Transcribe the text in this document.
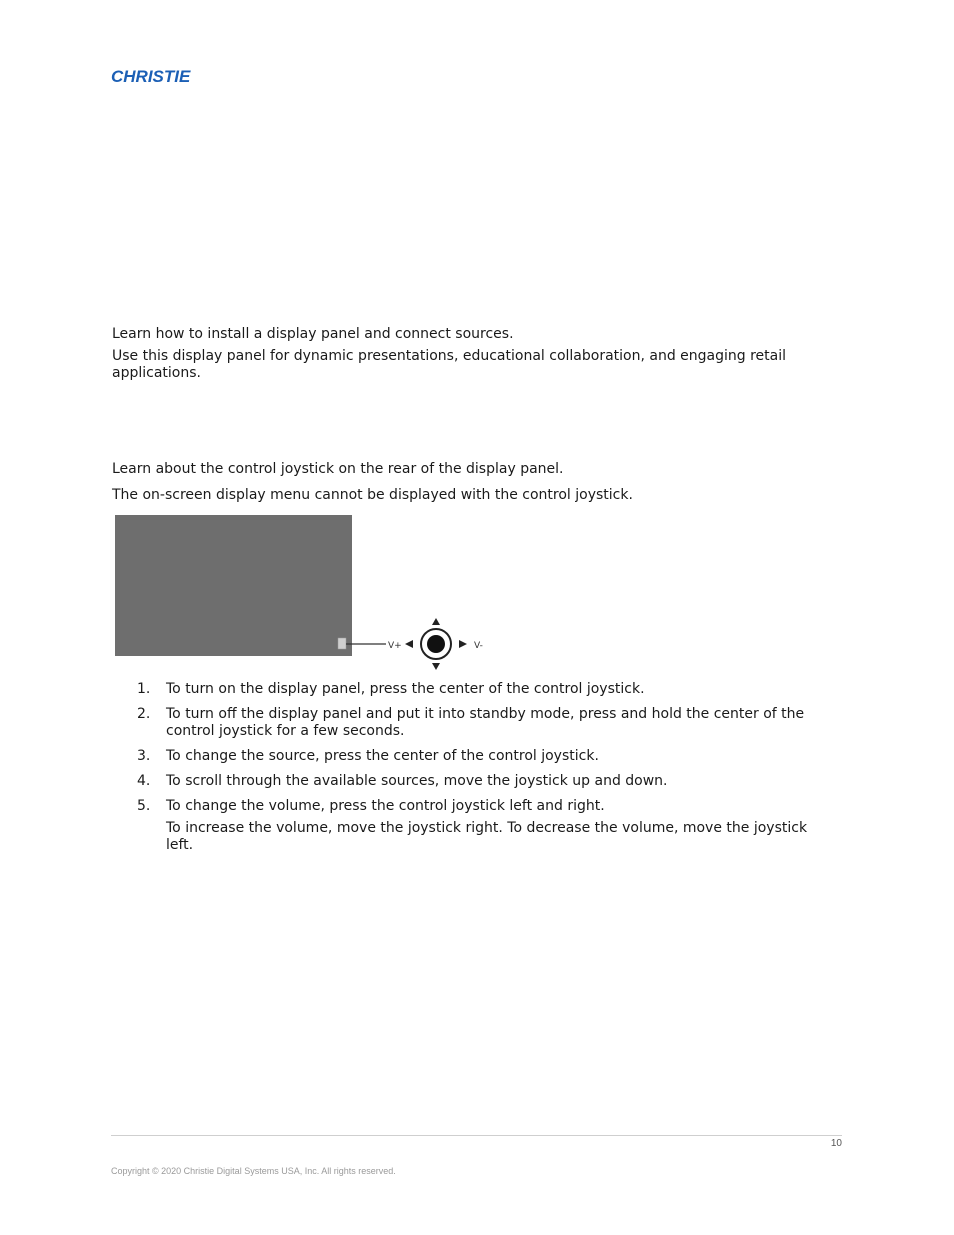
CHRISTIE

Learn how to install a display panel and connect sources.

Use this display panel for dynamic presentations, educational collaboration, and engaging retail applications.

Learn about the control joystick on the rear of the display panel.

The on-screen display menu cannot be displayed with the control joystick.

V+	V-
1. To turn on the display panel, press the center of the control joystick.
2. To turn off the display panel and put it into standby mode, press and hold the center of the control joystick for a few seconds.
3. To change the source, press the center of the control joystick.
4. To scroll through the available sources, move the joystick up and down.
5. To change the volume, press the control joystick left and right.
To increase the volume, move the joystick right. To decrease the volume, move the joystick left.
10
Copyright © 2020 Christie Digital Systems USA, Inc. All rights reserved.
